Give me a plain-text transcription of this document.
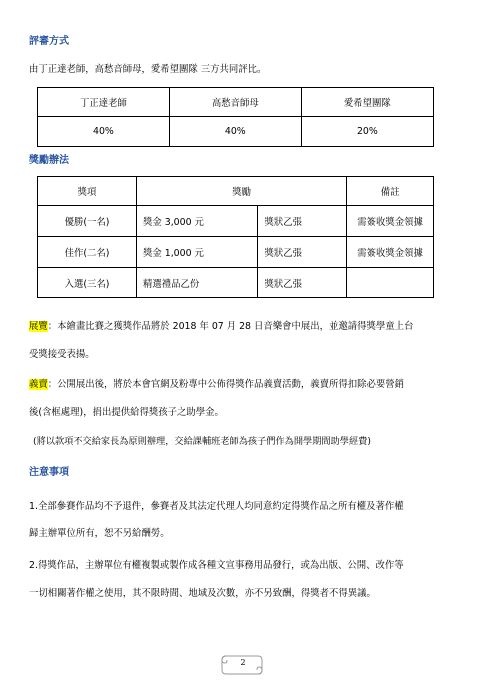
評審方式
由丁正達老師，高愁音師母，愛希望團隊 三方共同評比。
丁正達老師	高愁音師母	愛希望團隊
40%	40%	20%
獎勵辦法
獎項	獎勵		備註
優勝(一名)	獎金 3,000 元	獎狀乙張	需簽收獎金領據
佳作(二名)	獎金 1,000 元	獎狀乙張	需簽收獎金領據
入選(三名)	精選禮品乙份	獎狀乙張	
展覽：本繪畫比賽之獲獎作品將於 2018 年 07 月 28 日音樂會中展出，並邀請得獎學童上台
受獎接受表揚。
義賣：公開展出後，將於本會官網及粉專中公佈得獎作品義賣活動，義賣所得扣除必要營銷
後(含框處理)，捐出提供給得獎孩子之助學金。
(將以款項不交給家長為原則辦理，交給課輔班老師為孩子們作為開學期間助學經費)
注意事項
1.全部參賽作品均不予退件，參賽者及其法定代理人均同意約定得獎作品之所有權及著作權
歸主辦單位所有，恕不另給酬勞。
2.得獎作品，主辦單位有權複製或製作成各種文宣事務用品發行，或為出版、公開、改作等
一切相關著作權之使用，其不限時間、地域及次數，亦不另致酬，得獎者不得異議。
2
